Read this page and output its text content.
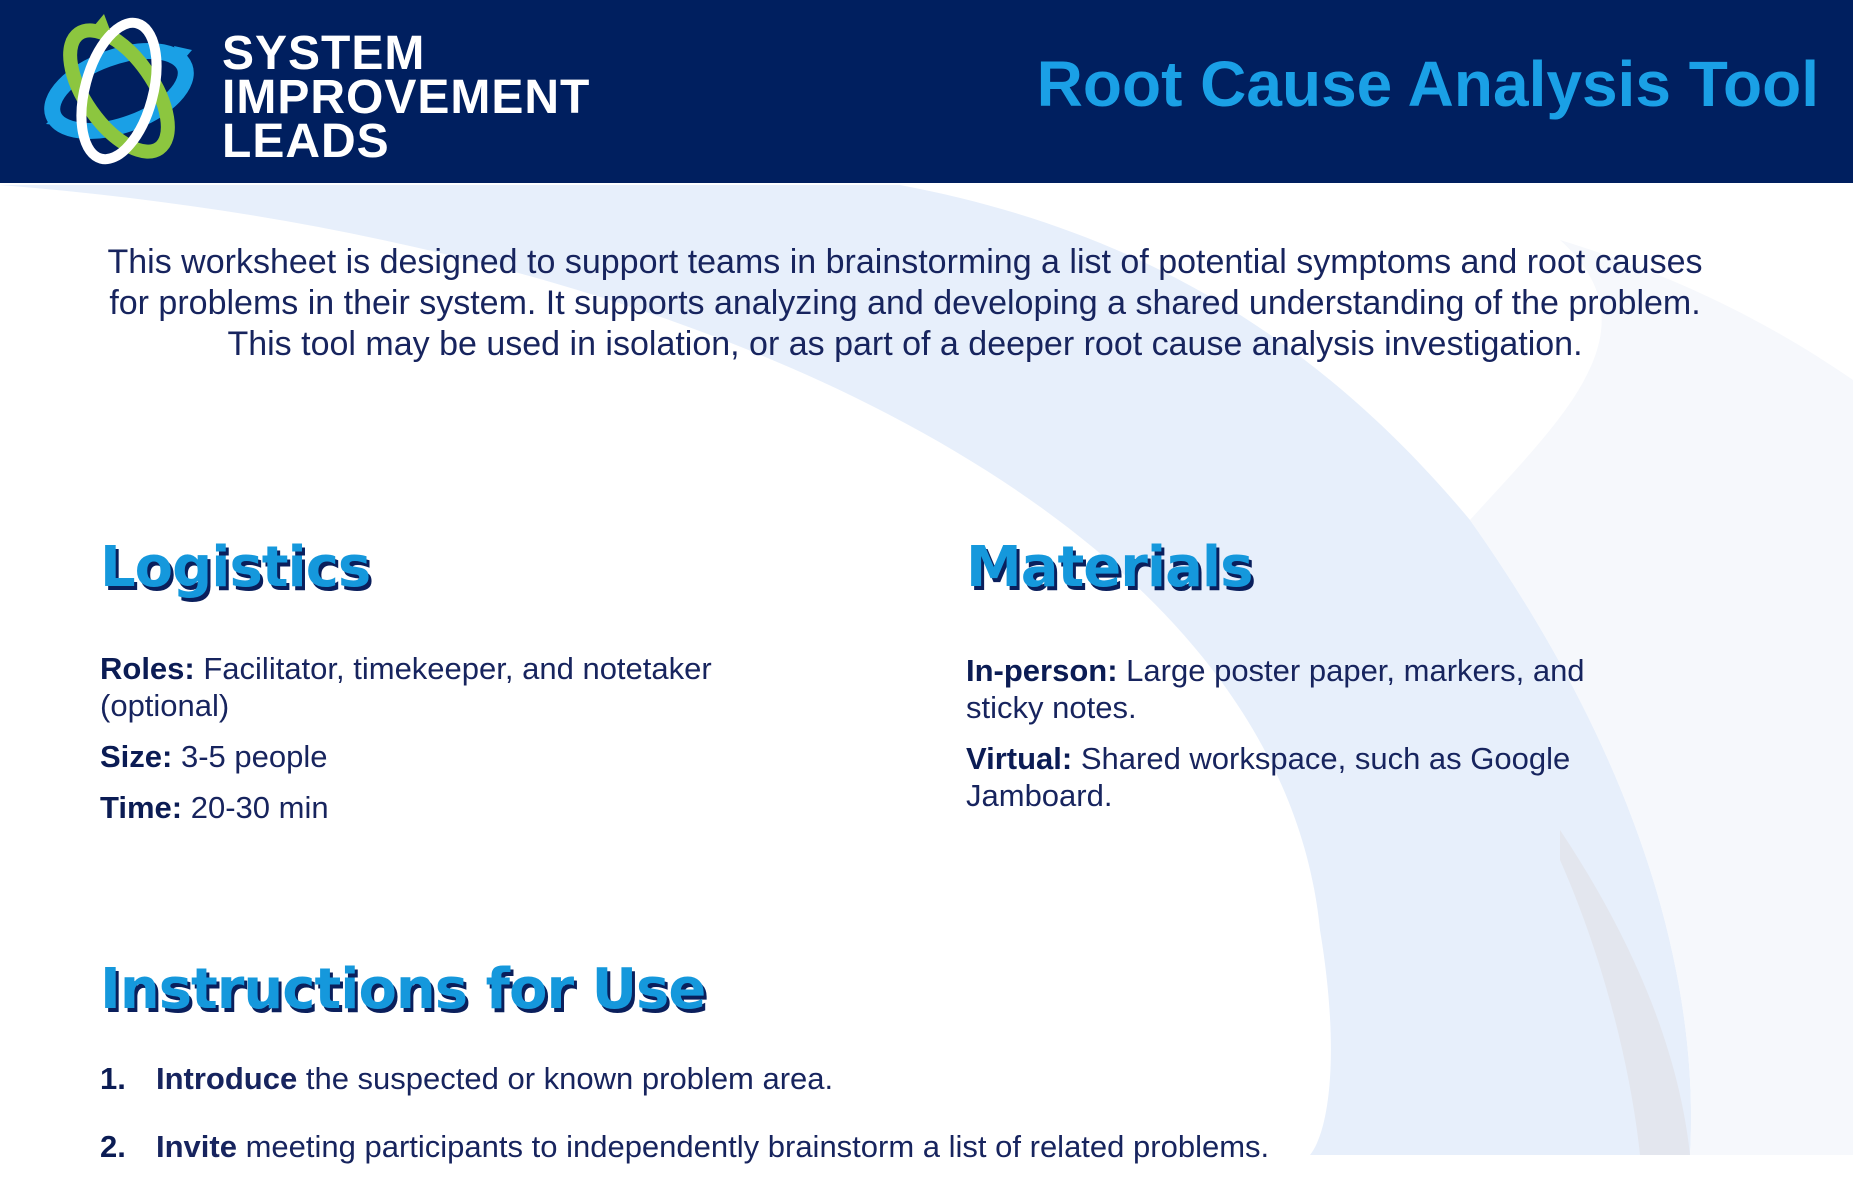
SYSTEM
IMPROVEMENT
LEADS
Root Cause Analysis Tool

This worksheet is designed to support teams in brainstorming a list of potential symptoms and root causes for problems in their system. It supports analyzing and developing a shared understanding of the problem. This tool may be used in isolation, or as part of a deeper root cause analysis investigation.

Logistics
Roles: Facilitator, timekeeper, and notetaker (optional)
Size: 3-5 people
Time: 20-30 min
Materials
In-person: Large poster paper, markers, and sticky notes.
Virtual: Shared workspace, such as Google Jamboard.
Instructions for Use
1. Introduce the suspected or known problem area.
2. Invite meeting participants to independently brainstorm a list of related problems.
